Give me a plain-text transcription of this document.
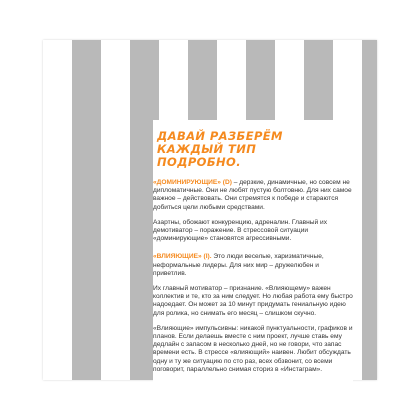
ДАВАЙ РАЗБЕРЁМ КАЖДЫЙ ТИП ПОДРОБНО.

«ДОМИНИРУЮЩИЕ» (D) – дерзкие, динамичные, но совсем не дипломатичные. Они не любят пустую болтовню. Для них самое важное – действовать. Они стремятся к победе и стараются добиться цели любыми средствами.

Азартны, обожают конкуренцию, адреналин. Главный их демотиватор – поражение. В стрессовой ситуации «доминирующие» становятся агрессивными.

«ВЛИЯЮЩИЕ» (I). Это люди веселые, харизматичные, неформальные лидеры. Для них мир – дружелюбен и приветлив.

Их главный мотиватор – признание. «Влияющему» важен коллектив и те, кто за ним следует. Но любая работа ему быстро надоедает. Он может за 10 минут придумать гениальную идею для ролика, но снимать его месяц – слишком скучно.

«Влияющие» импульсивны: никакой пунктуальности, графиков и планов. Если делаешь вместе с ним проект, лучше ставь ему дедлайн с запасом в несколько дней, но не говори, что запас времени есть. В стрессе «влияющий» наивен. Любит обсуждать одну и ту же ситуацию по сто раз, всех обзвонит, со всеми поговорит, параллельно снимая сториз в «Инстаграм».
